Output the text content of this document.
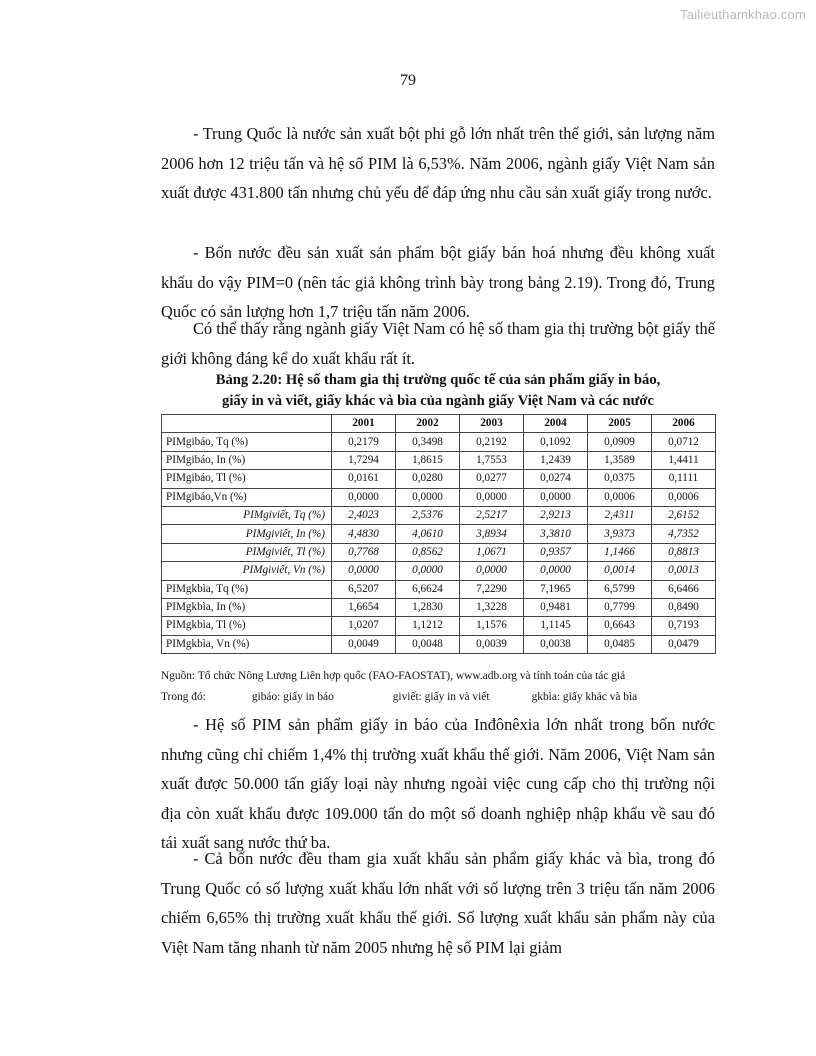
Tailieuthamkhao.com
79

- Trung Quốc là nước sản xuất bột phi gỗ lớn nhất trên thế giới, sản lượng năm 2006 hơn 12 triệu tấn và hệ số PIM là 6,53%. Năm 2006, ngành giấy Việt Nam sản xuất được 431.800 tấn nhưng chủ yếu để đáp ứng nhu cầu sản xuất giấy trong nước.

- Bốn nước đều sản xuất sản phẩm bột giấy bán hoá nhưng đều không xuất khẩu do vậy PIM=0 (nên tác giả không trình bày trong bảng 2.19). Trong đó, Trung Quốc có sản lượng hơn 1,7 triệu tấn năm 2006.

Có thể thấy rằng ngành giấy Việt Nam có hệ số tham gia thị trường bột giấy thế giới không đáng kể do xuất khẩu rất ít.

Bảng 2.20: Hệ số tham gia thị trường quốc tế của sản phẩm giấy in báo,

giấy in và viết, giấy khác và bìa của ngành giấy Việt Nam và các nước

	2001	2002	2003	2004	2005	2006
PIMgibáo, Tq (%)	0,2179	0,3498	0,2192	0,1092	0,0909	0,0712
PIMgibáo, In (%)	1,7294	1,8615	1,7553	1,2439	1,3589	1,4411
PIMgibáo, Tl (%)	0,0161	0,0280	0,0277	0,0274	0,0375	0,1111
PIMgibáo,Vn (%)	0,0000	0,0000	0,0000	0,0000	0,0006	0,0006
PIMgiviết, Tq (%)	2,4023	2,5376	2,5217	2,9213	2,4311	2,6152
PIMgiviết, In (%)	4,4830	4,0610	3,8934	3,3810	3,9373	4,7352
PIMgiviết, Tl (%)	0,7768	0,8562	1,0671	0,9357	1,1466	0,8813
PIMgiviết, Vn (%)	0,0000	0,0000	0,0000	0,0000	0,0014	0,0013
PIMgkbìa, Tq (%)	6,5207	6,6624	7,2290	7,1965	6,5799	6,6466
PIMgkbìa, In (%)	1,6654	1,2830	1,3228	0,9481	0,7799	0,8490
PIMgkbìa, Tl (%)	1,0207	1,1212	1,1576	1,1145	0,6643	0,7193
PIMgkbìa, Vn (%)	0,0049	0,0048	0,0039	0,0038	0,0485	0,0479

Nguồn: Tổ chức Nông Lương Liên hợp quốc (FAO-FAOSTAT), www.adb.org và tính toán của tác giả

Trong đó:	gibáo: giấy in báo	giviết: giấy in và viết	gkbìa: giấy khác và bìa

- Hệ số PIM sản phẩm giấy in báo của Inđônêxia lớn nhất trong bốn nước nhưng cũng chỉ chiếm 1,4% thị trường xuất khẩu thế giới. Năm 2006, Việt Nam sản xuất được 50.000 tấn giấy loại này nhưng ngoài việc cung cấp cho thị trường nội địa còn xuất khẩu được 109.000 tấn do một số doanh nghiệp nhập khẩu về sau đó tái xuất sang nước thứ ba.

- Cả bốn nước đều tham gia xuất khẩu sản phẩm giấy khác và bìa, trong đó Trung Quốc có số lượng xuất khẩu lớn nhất với số lượng trên 3 triệu tấn năm 2006 chiếm 6,65% thị trường xuất khẩu thế giới. Số lượng xuất khẩu sản phẩm này của Việt Nam tăng nhanh từ năm 2005 nhưng hệ số PIM lại giảm
